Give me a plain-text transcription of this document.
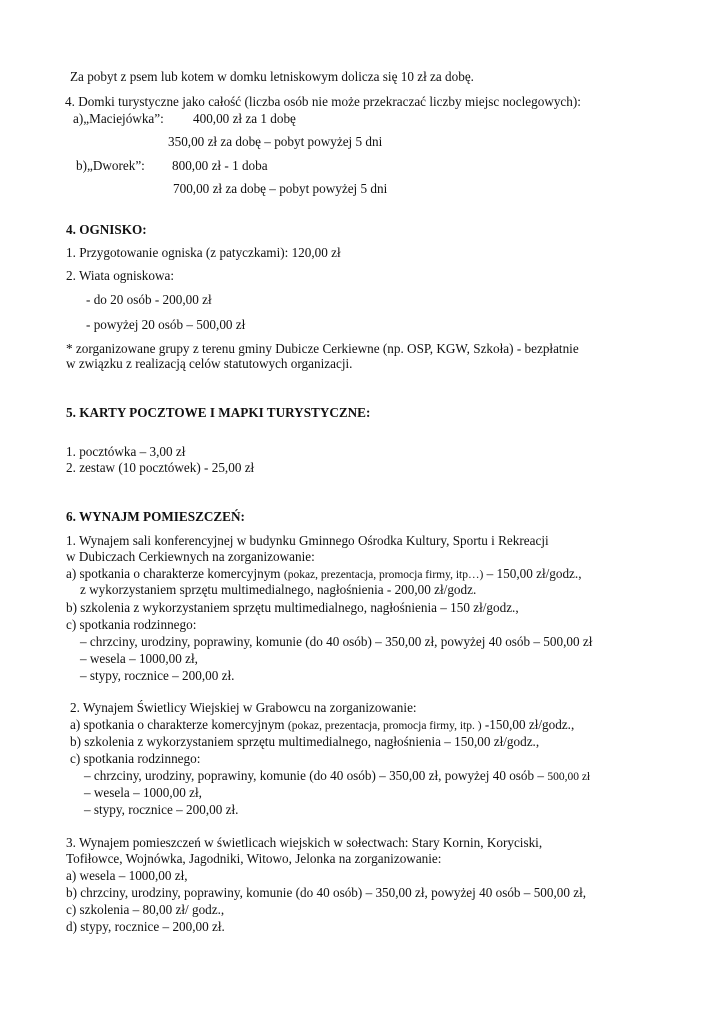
Za pobyt z psem lub kotem w domku letniskowym dolicza się 10 zł za dobę.
4. Domki turystyczne jako całość (liczba osób nie może przekraczać liczby miejsc noclegowych):
a)„Maciejówka”: 400,00 zł za 1 dobę
350,00 zł za dobę – pobyt powyżej 5 dni
b)„Dworek”: 800,00 zł - 1 doba
700,00 zł za dobę – pobyt powyżej 5 dni
4. OGNISKO:
1. Przygotowanie ogniska (z patyczkami): 120,00 zł
2. Wiata ogniskowa:
- do 20 osób - 200,00 zł
- powyżej 20 osób – 500,00 zł
* zorganizowane grupy z terenu gminy Dubicze Cerkiewne (np. OSP, KGW, Szkoła) - bezpłatnie
w związku z realizacją celów statutowych organizacji.
5. KARTY POCZTOWE I MAPKI TURYSTYCZNE:
1. pocztówka – 3,00 zł
2. zestaw (10 pocztówek) - 25,00 zł
6. WYNAJM POMIESZCZEŃ:
1. Wynajem sali konferencyjnej w budynku Gminnego Ośrodka Kultury, Sportu i Rekreacji
w Dubiczach Cerkiewnych na zorganizowanie:
a) spotkania o charakterze komercyjnym (pokaz, prezentacja, promocja firmy, itp…) – 150,00 zł/godz.,
z wykorzystaniem sprzętu multimedialnego, nagłośnienia - 200,00 zł/godz.
b) szkolenia z wykorzystaniem sprzętu multimedialnego, nagłośnienia – 150 zł/godz.,
c) spotkania rodzinnego:
– chrzciny, urodziny, poprawiny, komunie (do 40 osób) – 350,00 zł, powyżej 40 osób – 500,00 zł
– wesela – 1000,00 zł,
– stypy, rocznice – 200,00 zł.
2. Wynajem Świetlicy Wiejskiej w Grabowcu na zorganizowanie:
a) spotkania o charakterze komercyjnym (pokaz, prezentacja, promocja firmy, itp. ) -150,00 zł/godz.,
b) szkolenia z wykorzystaniem sprzętu multimedialnego, nagłośnienia – 150,00 zł/godz.,
c) spotkania rodzinnego:
– chrzciny, urodziny, poprawiny, komunie (do 40 osób) – 350,00 zł, powyżej 40 osób – 500,00 zł
– wesela – 1000,00 zł,
– stypy, rocznice – 200,00 zł.
3. Wynajem pomieszczeń w świetlicach wiejskich w sołectwach: Stary Kornin, Koryciski,
Tofiłowce, Wojnówka, Jagodniki, Witowo, Jelonka na zorganizowanie:
a) wesela – 1000,00 zł,
b) chrzciny, urodziny, poprawiny, komunie (do 40 osób) – 350,00 zł, powyżej 40 osób – 500,00 zł,
c) szkolenia – 80,00 zł/ godz.,
d) stypy, rocznice – 200,00 zł.
